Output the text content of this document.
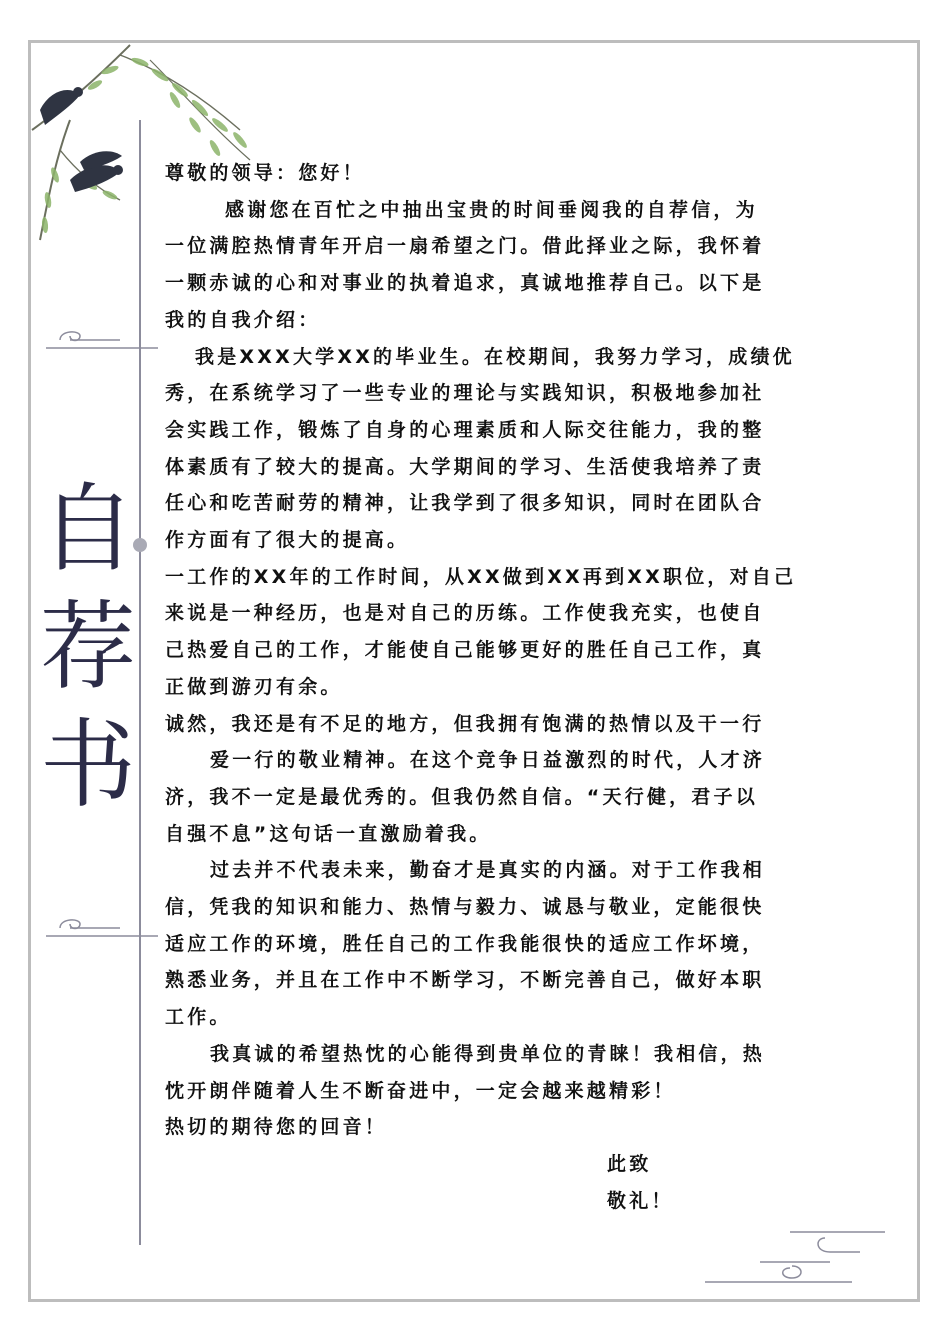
自
荐
书

尊敬的领导：您好！

感谢您在百忙之中抽出宝贵的时间垂阅我的自荐信，为

一位满腔热情青年开启一扇希望之门。借此择业之际，我怀着

一颗赤诚的心和对事业的执着追求，真诚地推荐自己。以下是

我的自我介绍：

我是XXX大学XX的毕业生。在校期间，我努力学习，成绩优

秀，在系统学习了一些专业的理论与实践知识，积极地参加社

会实践工作，锻炼了自身的心理素质和人际交往能力，我的整

体素质有了较大的提高。大学期间的学习、生活使我培养了责

任心和吃苦耐劳的精神，让我学到了很多知识，同时在团队合

作方面有了很大的提高。

一工作的XX年的工作时间，从XX做到XX再到XX职位，对自己

来说是一种经历，也是对自己的历练。工作使我充实，也使自

己热爱自己的工作，才能使自己能够更好的胜任自己工作，真

正做到游刃有余。

诚然，我还是有不足的地方，但我拥有饱满的热情以及干一行

爱一行的敬业精神。在这个竞争日益激烈的时代，人才济

济，我不一定是最优秀的。但我仍然自信。“天行健，君子以

自强不息”这句话一直激励着我。

过去并不代表未来，勤奋才是真实的内涵。对于工作我相

信，凭我的知识和能力、热情与毅力、诚恳与敬业，定能很快

适应工作的环境，胜任自己的工作我能很快的适应工作坏境，

熟悉业务，并且在工作中不断学习，不断完善自己，做好本职

工作。

我真诚的希望热忱的心能得到贵单位的青睐！我相信，热

忱开朗伴随着人生不断奋进中，一定会越来越精彩！

热切的期待您的回音！

此致

敬礼！
